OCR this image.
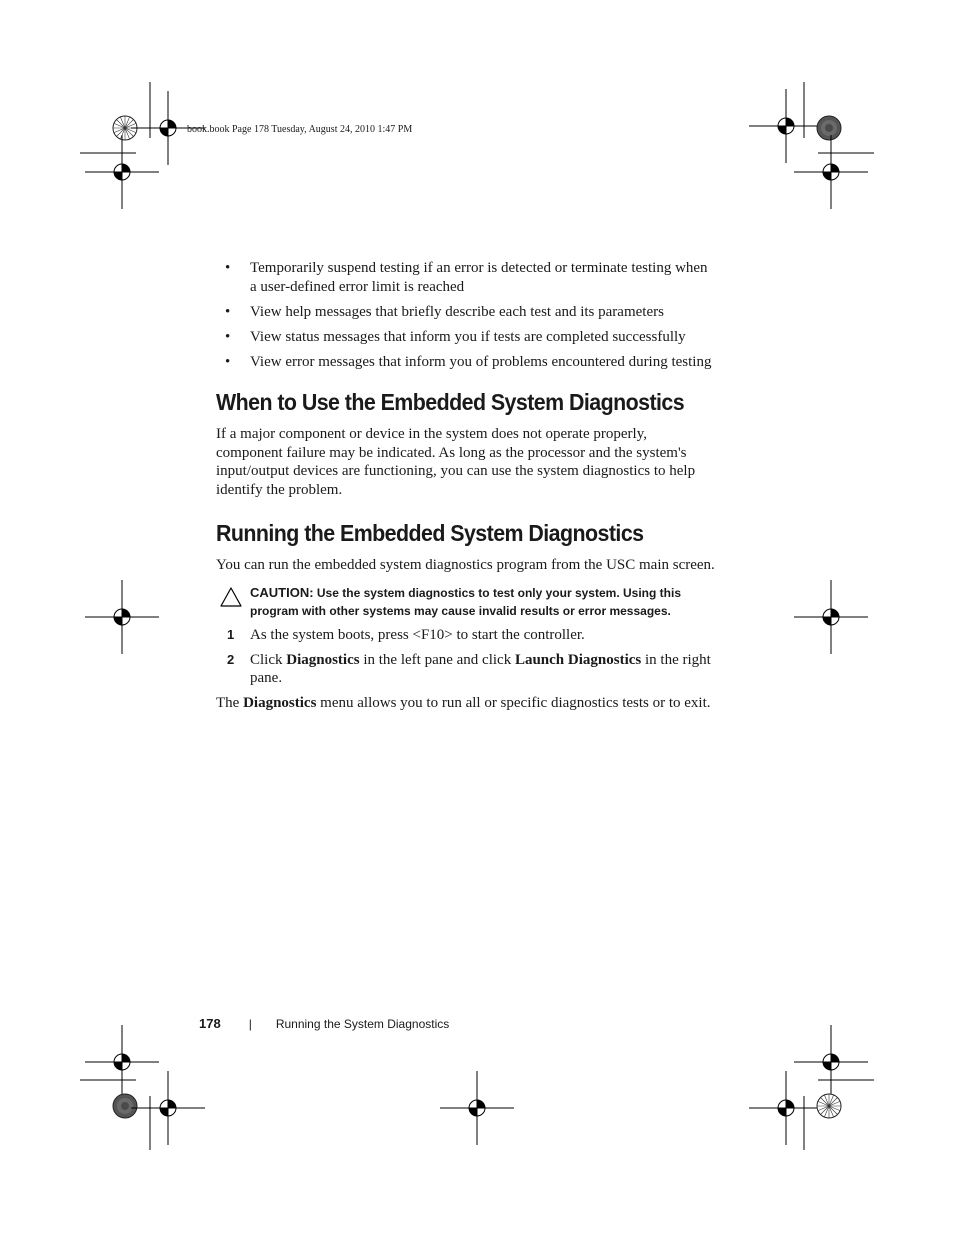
book.book Page 178 Tuesday, August 24, 2010 1:47 PM
• Temporarily suspend testing if an error is detected or terminate testing when a user-defined error limit is reached
• View help messages that briefly describe each test and its parameters
• View status messages that inform you if tests are completed successfully
• View error messages that inform you of problems encountered during testing
When to Use the Embedded System Diagnostics

If a major component or device in the system does not operate properly, component failure may be indicated. As long as the processor and the system's input/output devices are functioning, you can use the system diagnostics to help identify the problem.

Running the Embedded System Diagnostics

You can run the embedded system diagnostics program from the USC main screen.

CAUTION: Use the system diagnostics to test only your system. Using this program with other systems may cause invalid results or error messages.
1 As the system boots, press <F10> to start the controller.
2 Click Diagnostics in the left pane and click Launch Diagnostics in the right pane.

The Diagnostics menu allows you to run all or specific diagnostics tests or to exit.

178 | Running the System Diagnostics
